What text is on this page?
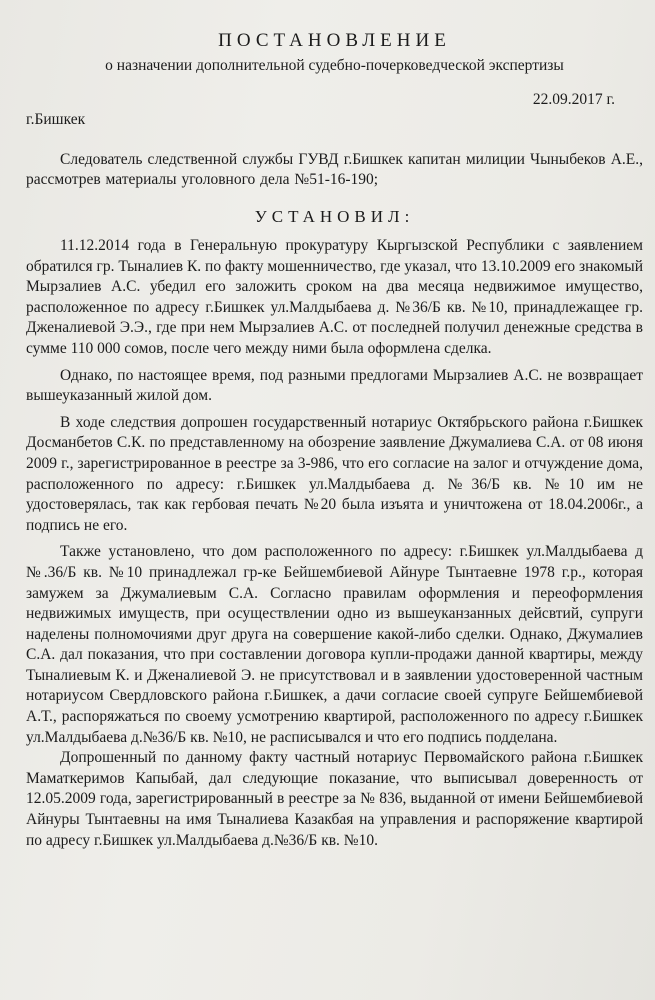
ПОСТАНОВЛЕНИЕ
о назначении дополнительной судебно-почерковедческой экспертизы
22.09.2017 г.
г.Бишкек

Следователь следственной службы ГУВД г.Бишкек капитан милиции Чыныбеков А.Е., рассмотрев материалы уголовного дела №51-16-190;

УСТАНОВИЛ:

11.12.2014 года в Генеральную прокуратуру Кыргызской Республики с заявлением обратился гр. Тыналиев К. по факту мошенничество, где указал, что 13.10.2009 его знакомый Мырзалиев А.С. убедил его заложить сроком на два месяца недвижимое имущество, расположенное по адресу г.Бишкек ул.Малдыбаева д. №36/Б кв. №10, принадлежащее гр. Дженалиевой Э.Э., где при нем Мырзалиев А.С. от последней получил денежные средства в сумме 110 000 сомов, после чего между ними была оформлена сделка.

Однако, по настоящее время, под разными предлогами Мырзалиев А.С. не возвращает вышеуказанный жилой дом.

В ходе следствия допрошен государственный нотариус Октябрьского района г.Бишкек Досманбетов С.К. по представленному на обозрение заявление Джумалиева С.А. от 08 июня 2009 г., зарегистрированное в реестре за 3-986, что его согласие на залог и отчуждение дома, расположенного по адресу: г.Бишкек ул.Малдыбаева д. №36/Б кв. №10 им не удостоверялась, так как гербовая печать №20 была изъята и уничтожена от 18.04.2006г., а подпись не его.

Также установлено, что дом расположенного по адресу: г.Бишкек ул.Малдыбаева д №.36/Б кв. №10 принадлежал гр-ке Бейшембиевой Айнуре Тынтаевне 1978 г.р., которая замужем за Джумалиевым С.А. Согласно правилам оформления и переоформления недвижимых имуществ, при осуществлении одно из вышеуканзанных дейсвтий, супруги наделены полномочиями друг друга на совершение какой-либо сделки. Однако, Джумалиев С.А. дал показания, что при составлении договора купли-продажи данной квартиры, между Тыналиевым К. и Дженалиевой Э. не присутствовал и в заявлении удостоверенной частным нотариусом Свердловского района г.Бишкек, а дачи согласие своей супруге Бейшембиевой А.Т., распоряжаться по своему усмотрению квартирой, расположенного по адресу г.Бишкек ул.Малдыбаева д.№36/Б кв. №10, не расписывался и что его подпись подделана.

Допрошенный по данному факту частный нотариус Первомайского района г.Бишкек Маматкеримов Капыбай, дал следующие показание, что выписывал доверенность от 12.05.2009 года, зарегистрированный в реестре за № 836, выданной от имени Бейшембиевой Айнуры Тынтаевны на имя Тыналиева Казакбая на управления и распоряжение квартирой по адресу г.Бишкек ул.Малдыбаева д.№36/Б кв. №10.
